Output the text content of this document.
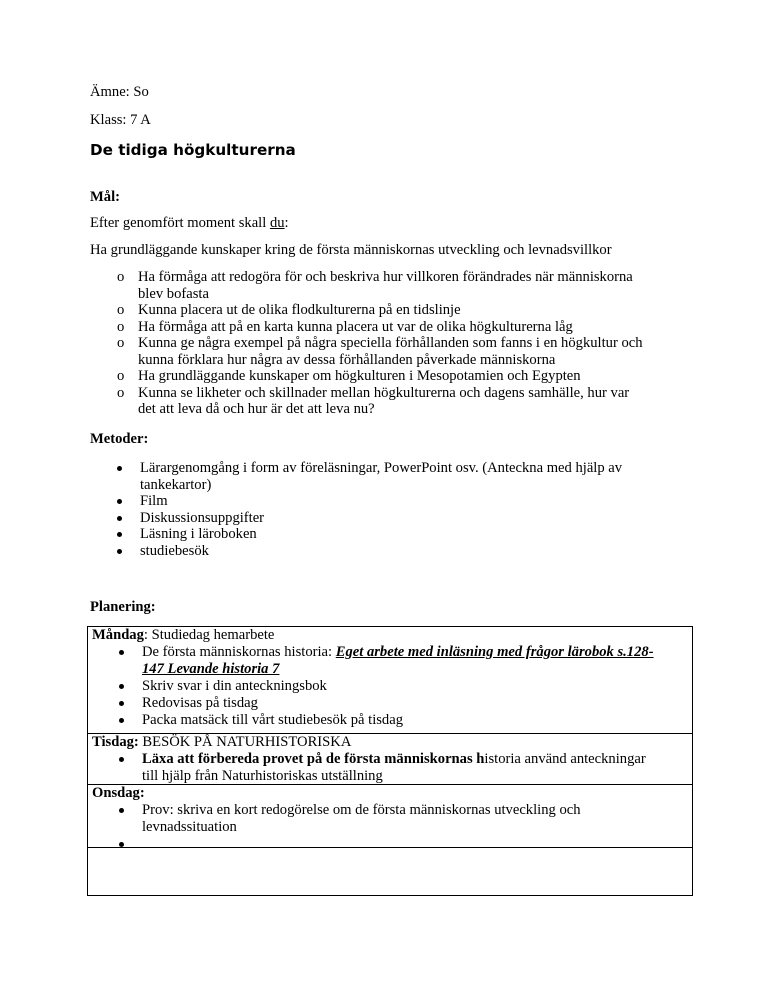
Ämne: So
Klass: 7 A
De tidiga högkulturerna
Mål:
Efter genomfört moment skall du:
Ha grundläggande kunskaper kring de första människornas utveckling och levnadsvillkor
o Ha förmåga att redogöra för och beskriva hur villkoren förändrades när människorna
blev bofasta
o Kunna placera ut de olika flodkulturerna på en tidslinje
o Ha förmåga att på en karta kunna placera ut var de olika högkulturerna låg
o Kunna ge några exempel på några speciella förhållanden som fanns i en högkultur och
kunna förklara hur några av dessa förhållanden påverkade människorna
o Ha grundläggande kunskaper om högkulturen i Mesopotamien och Egypten
o Kunna se likheter och skillnader mellan högkulturerna och dagens samhälle, hur var
det att leva då och hur är det att leva nu?
Metoder:
Lärargenomgång i form av föreläsningar, PowerPoint osv. (Anteckna med hjälp av
tankekartor)
Film
Diskussionsuppgifter
Läsning i läroboken
studiebesök
Planering:
Måndag: Studiedag hemarbete
De första människornas historia: Eget arbete med inläsning med frågor lärobok s.128-
147 Levande historia 7
Skriv svar i din anteckningsbok
Redovisas på tisdag
Packa matsäck till vårt studiebesök på tisdag
Tisdag: BESÖK PÅ NATURHISTORISKA
Läxa att förbereda provet på de första människornas historia använd anteckningar
till hjälp från Naturhistoriskas utställning
Onsdag:
Prov: skriva en kort redogörelse om de första människornas utveckling och
levnadssituation
